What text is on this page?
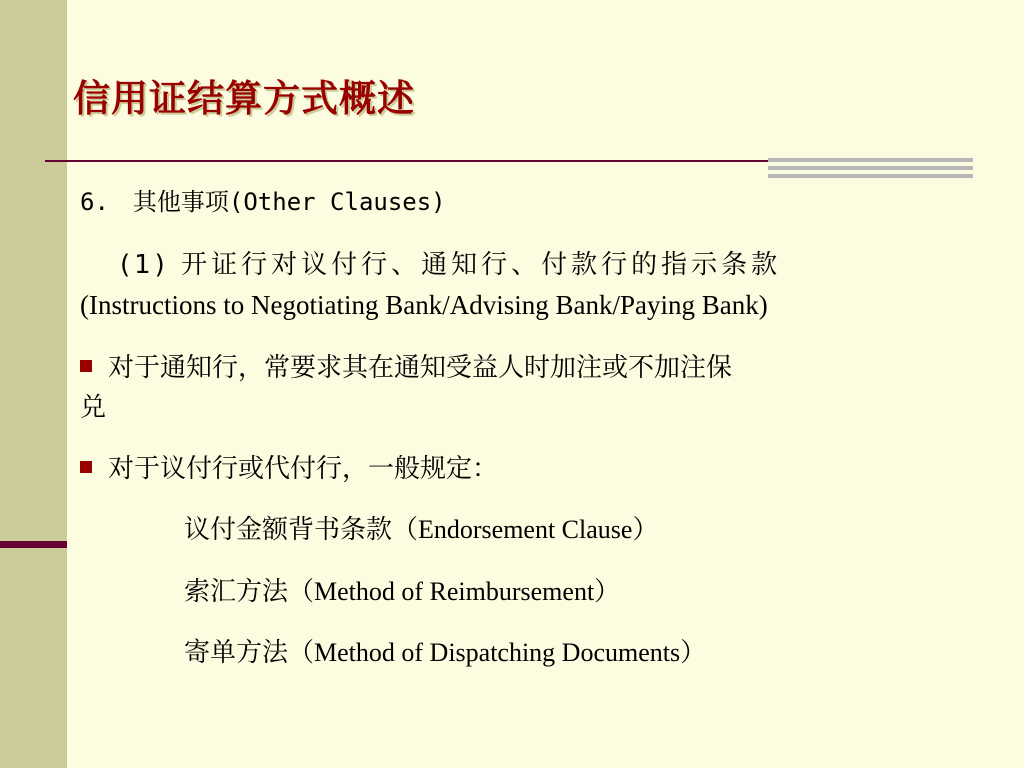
信用证结算方式概述
6.　其他事项(Other Clauses)
(1) 开证行对议付行、通知行、付款行的指示条款
(Instructions to Negotiating Bank/Advising Bank/Paying Bank)
对于通知行，常要求其在通知受益人时加注或不加注保
兑
对于议付行或代付行，一般规定：
议付金额背书条款（Endorsement Clause）
索汇方法（Method of Reimbursement）
寄单方法（Method of Dispatching Documents）
